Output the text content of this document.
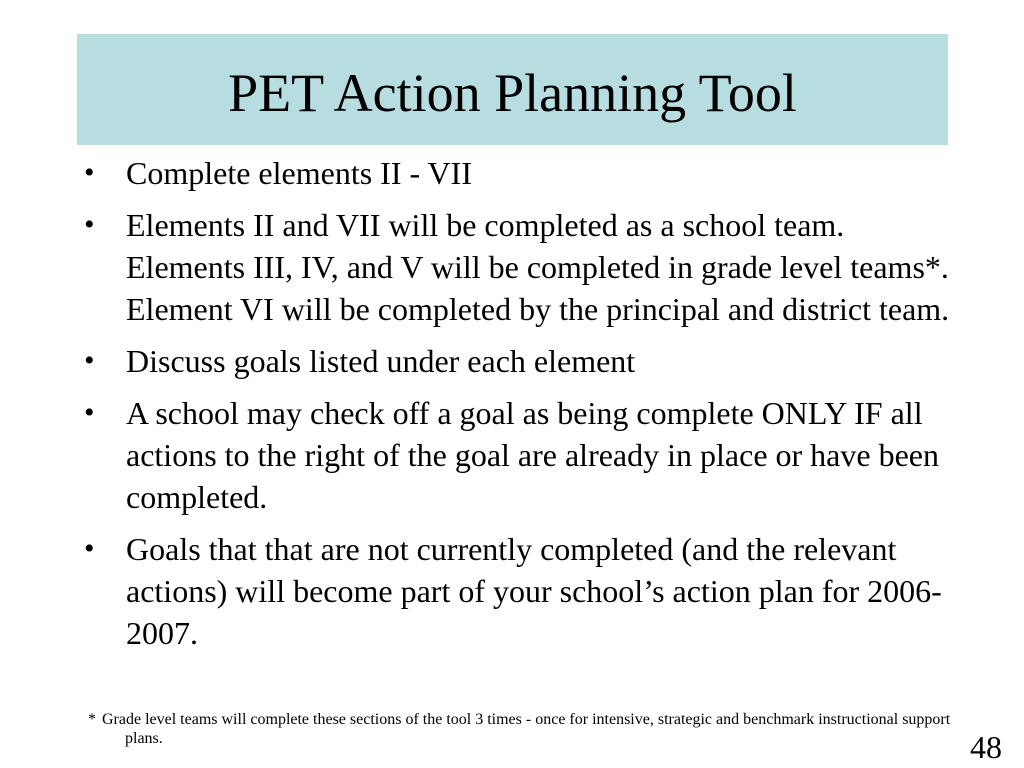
PET Action Planning Tool
• Complete elements II - VII
• Elements II and VII will be completed as a school team. Elements III, IV, and V will be completed in grade level teams*. Element VI will be completed by the principal and district team.
• Discuss goals listed under each element
• A school may check off a goal as being complete ONLY IF all actions to the right of the goal are already in place or have been completed.
• Goals that that are not currently completed (and the relevant actions) will become part of your school’s action plan for 2006-2007.
* Grade level teams will complete these sections of the tool 3 times - once for intensive, strategic and benchmark instructional support plans.	48
